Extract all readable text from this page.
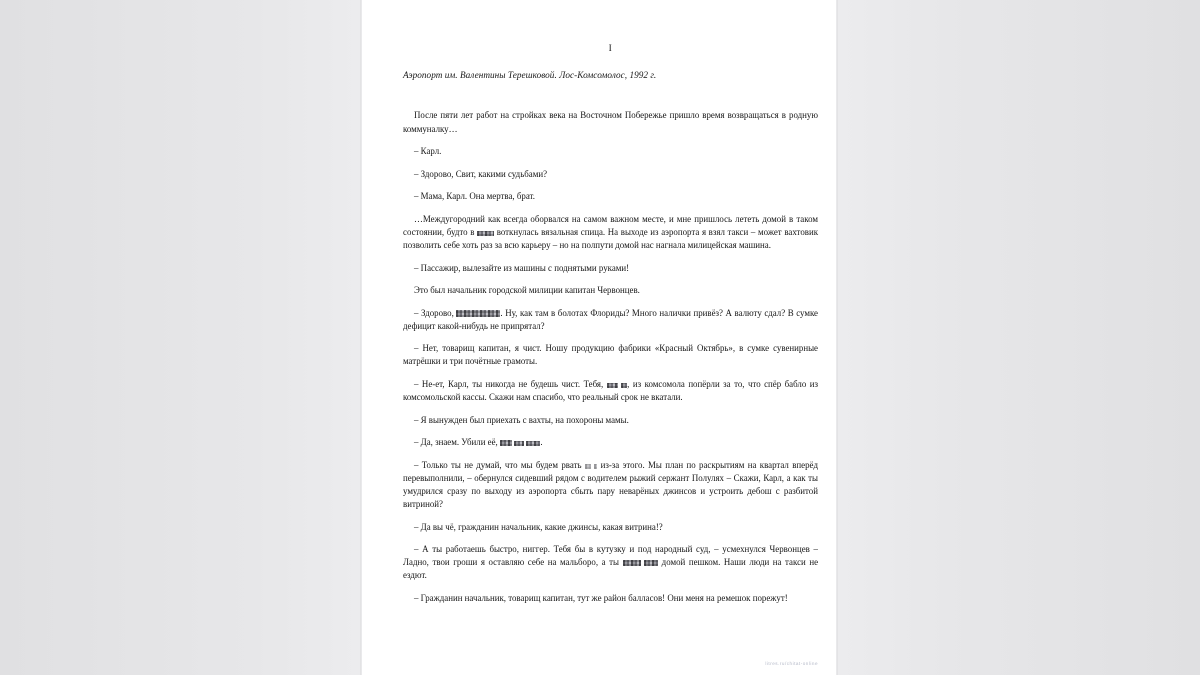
I
Аэропорт им. Валентины Терешковой. Лос-Комсомолос, 1992 г.

После пяти лет работ на стройках века на Восточном Побережье пришло время возвращаться в родную коммуналку…

– Карл.

– Здорово, Свит, какими судьбами?

– Мама, Карл. Она мертва, брат.

…Междугородний как всегда оборвался на самом важном месте, и мне пришлось лететь домой в таком состоянии, будто в  воткнулась вязальная спица. На выходе из аэропорта я взял такси – может вахтовик позволить себе хоть раз за всю карьеру – но на полпути домой нас нагнала милицейская машина.

– Пассажир, вылезайте из машины с поднятыми руками!

Это был начальник городской милиции капитан Червонцев.

– Здорово,	. Ну, как там в болотах Флориды? Много налички привёз? А валюту сдал? В сумке дефицит какой-нибудь не припрятал?

– Нет, товарищ капитан, я чист. Ношу продукцию фабрики «Красный Октябрь», в сумке сувенирные матрёшки и три почётные грамоты.

– Не-ет, Карл, ты никогда не будешь чист. Тебя,  , из комсомола попёрли за то, что спёр бабло из комсомольской кассы. Скажи нам спасибо, что реальный срок не вкатали.

– Я вынужден был приехать с вахты, на похороны мамы.

– Да, знаем. Убили её,	.

– Только ты не думай, что мы будем рвать   из-за этого. Мы план по раскрытиям на квартал вперёд перевыполнили, – обернулся сидевший рядом с водителем рыжий сержант Полулях – Скажи, Карл, а как ты умудрился сразу по выходу из аэропорта сбыть пару неварёных джинсов и устроить дебош с разбитой витриной?

– Да вы чё, гражданин начальник, какие джинсы, какая витрина!?

– А ты работаешь быстро, ниггер. Тебя бы в кутузку и под народный суд, – усмехнулся Червонцев – Ладно, твои гроши я оставляю себе на мальборо, а ты	домой пешком. Наши люди на такси не ездют.

– Гражданин начальник, товарищ капитан, тут же район балласов! Они меня на ремешок порежут!

litres.ru/chitat-online
